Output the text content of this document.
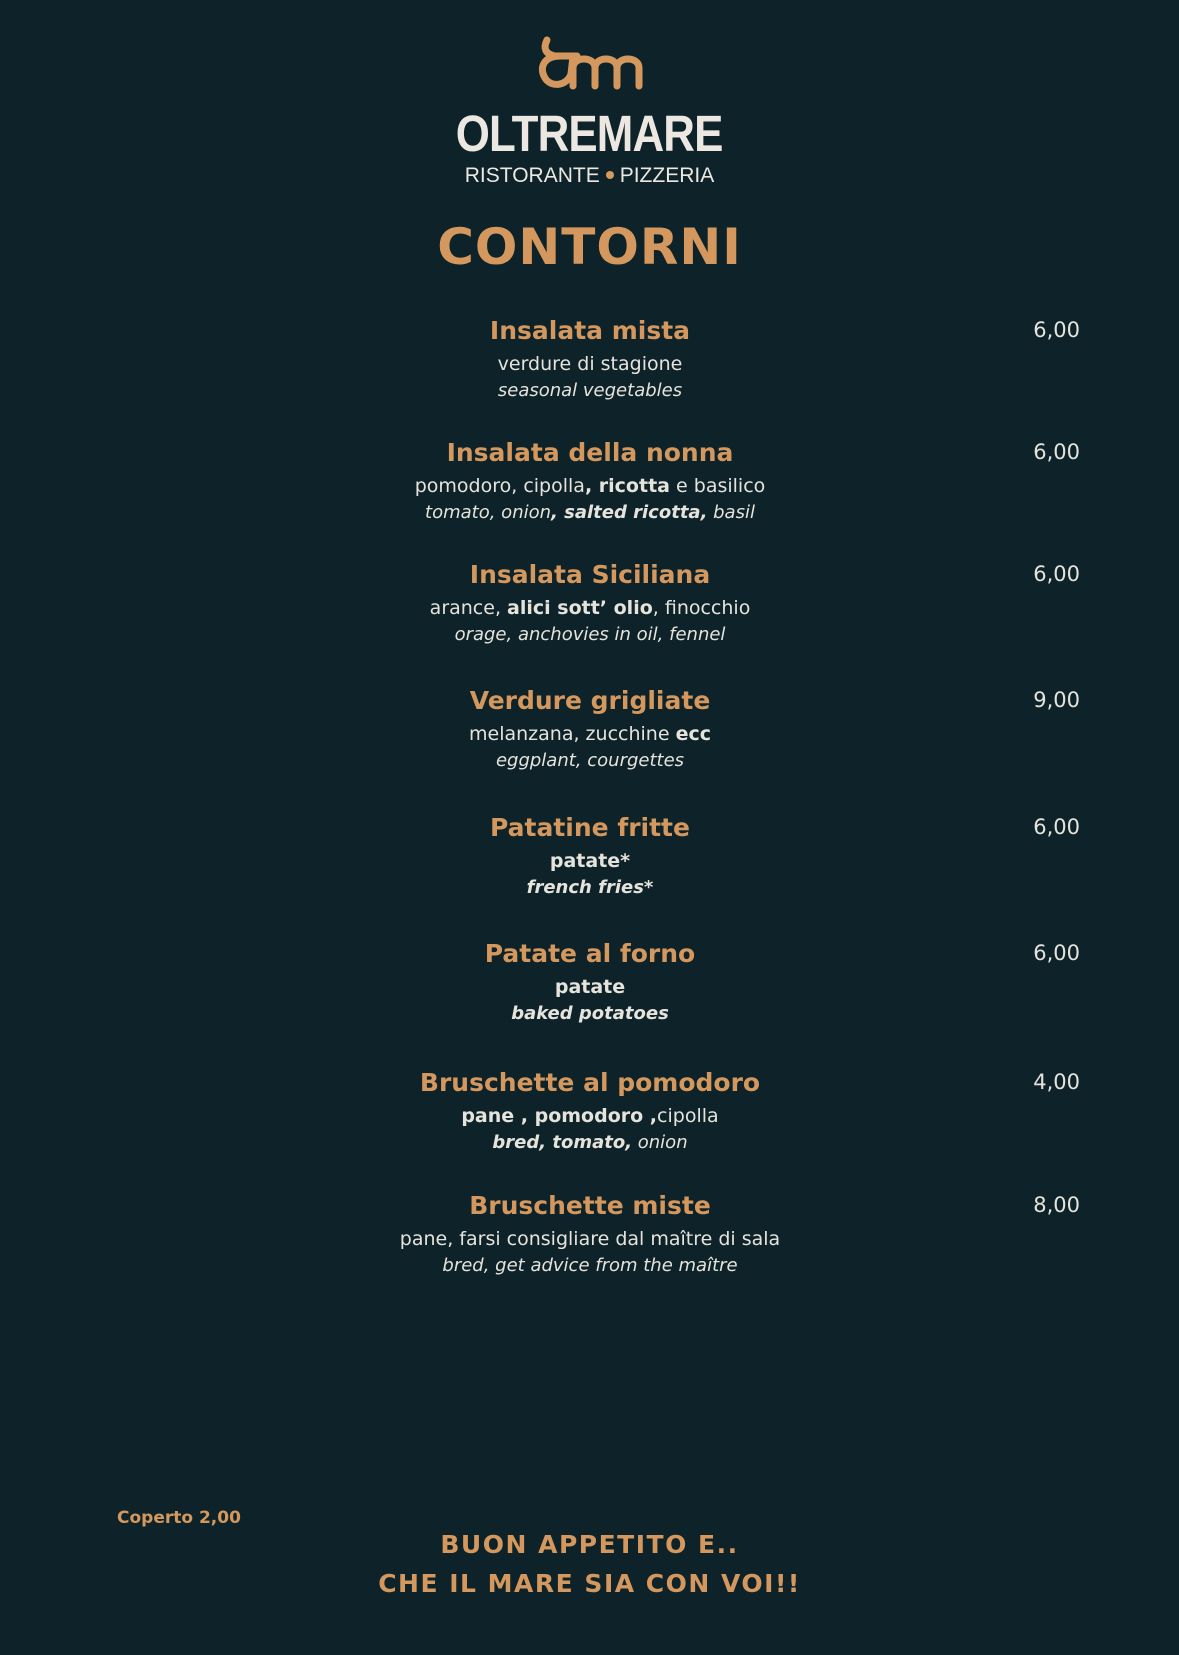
OLTREMARE
RISTORANTE PIZZERIA
CONTORNI
Insalata mista	6,00
verdure di stagione
seasonal vegetables
Insalata della nonna	6,00
pomodoro, cipolla, ricotta e basilico
tomato, onion, salted ricotta, basil
Insalata Siciliana	6,00
arance, alici sott’ olio, finocchio
orage, anchovies in oil, fennel
Verdure grigliate	9,00
melanzana, zucchine ecc
eggplant, courgettes
Patatine fritte	6,00
patate*
french fries*
Patate al forno	6,00
patate
baked potatoes
Bruschette al pomodoro	4,00
pane , pomodoro ,cipolla
bred, tomato, onion
Bruschette miste	8,00
pane, farsi consigliare dal maître di sala
bred, get advice from the maître
Coperto 2,00
BUON APPETITO E..
CHE IL MARE SIA CON VOI!!
